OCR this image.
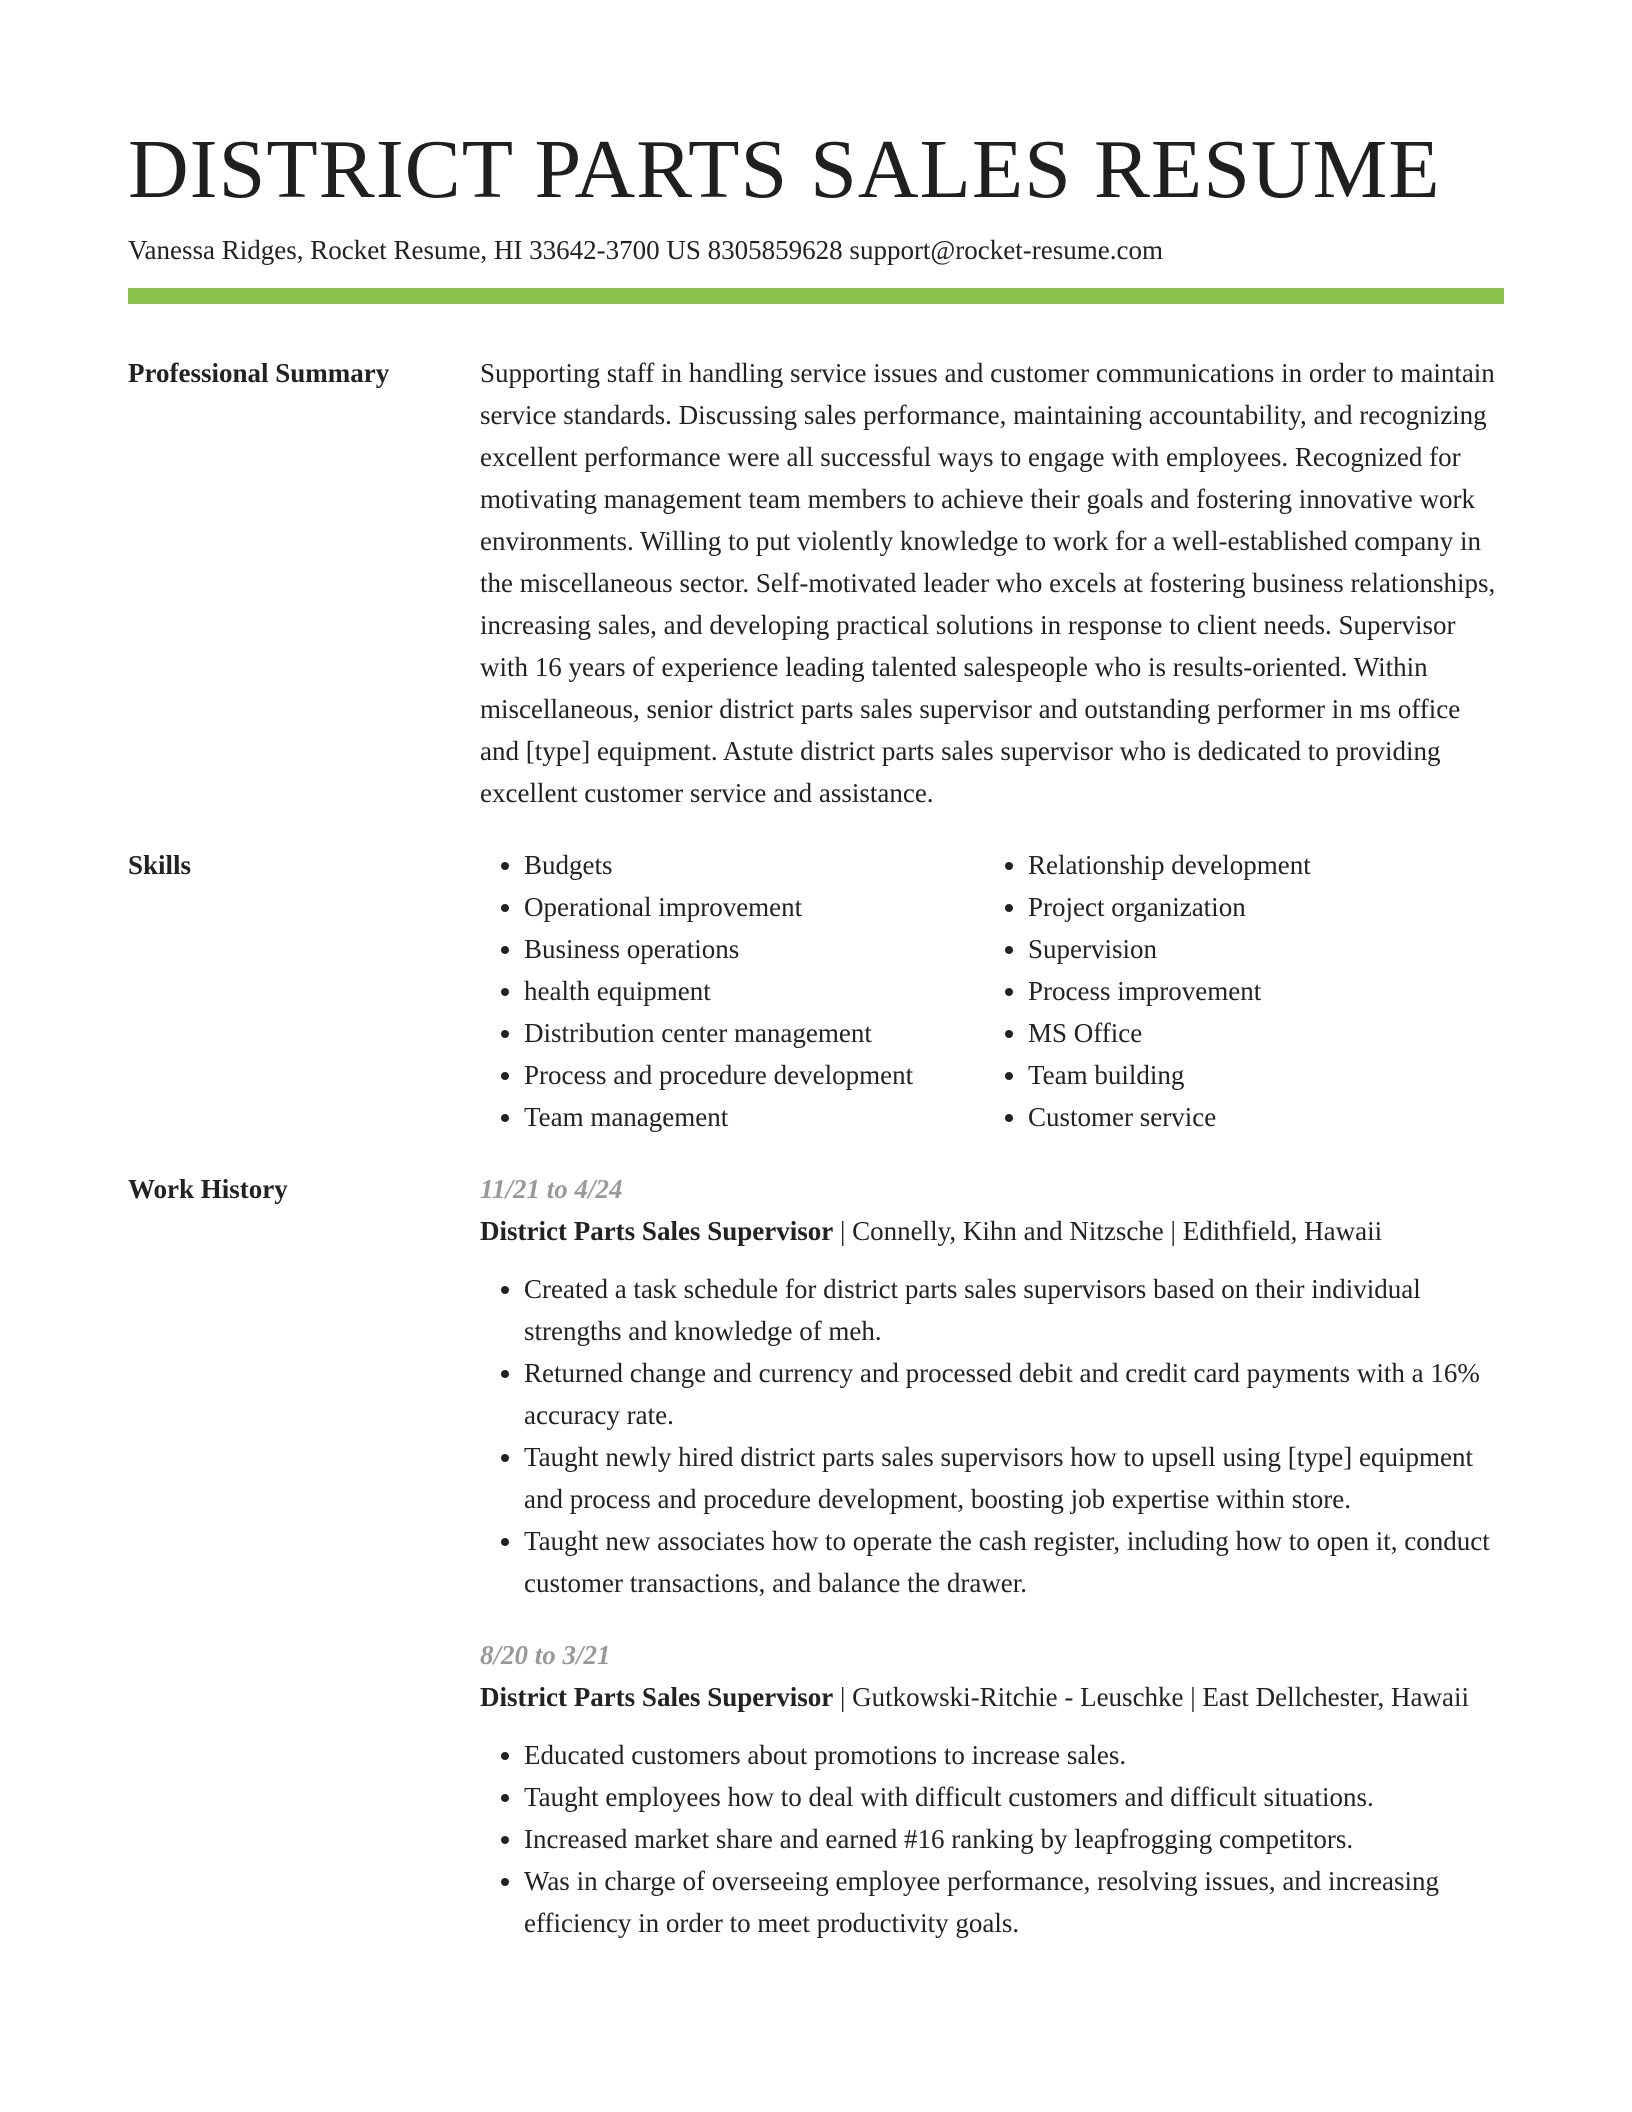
DISTRICT PARTS SALES RESUME
Vanessa Ridges, Rocket Resume, HI 33642-3700 US 8305859628 support@rocket-resume.com
Professional Summary	Supporting staff in handling service issues and customer communications in order to maintain service standards. Discussing sales performance, maintaining accountability, and recognizing excellent performance were all successful ways to engage with employees. Recognized for motivating management team members to achieve their goals and fostering innovative work environments. Willing to put violently knowledge to work for a well-established company in the miscellaneous sector. Self-motivated leader who excels at fostering business relationships, increasing sales, and developing practical solutions in response to client needs. Supervisor with 16 years of experience leading talented salespeople who is results-oriented. Within miscellaneous, senior district parts sales supervisor and outstanding performer in ms office and [type] equipment. Astute district parts sales supervisor who is dedicated to providing excellent customer service and assistance.
Skills
•	Budgets
• Operational improvement
• Business operations
• health equipment
• Distribution center management
• Process and procedure development
• Team management
• Relationship development
• Project organization
• Supervision
• Process improvement
• MS Office
• Team building
• Customer service
Work History	11/21 to 4/24
District Parts Sales Supervisor | Connelly, Kihn and Nitzsche | Edithfield, Hawaii
• Created a task schedule for district parts sales supervisors based on their individual strengths and knowledge of meh.
• Returned change and currency and processed debit and credit card payments with a 16% accuracy rate.
• Taught newly hired district parts sales supervisors how to upsell using [type] equipment and process and procedure development, boosting job expertise within store.
• Taught new associates how to operate the cash register, including how to open it, conduct customer transactions, and balance the drawer.
8/20 to 3/21
District Parts Sales Supervisor | Gutkowski-Ritchie - Leuschke | East Dellchester, Hawaii
• Educated customers about promotions to increase sales.
• Taught employees how to deal with difficult customers and difficult situations.
• Increased market share and earned #16 ranking by leapfrogging competitors.
• Was in charge of overseeing employee performance, resolving issues, and increasing efficiency in order to meet productivity goals.
